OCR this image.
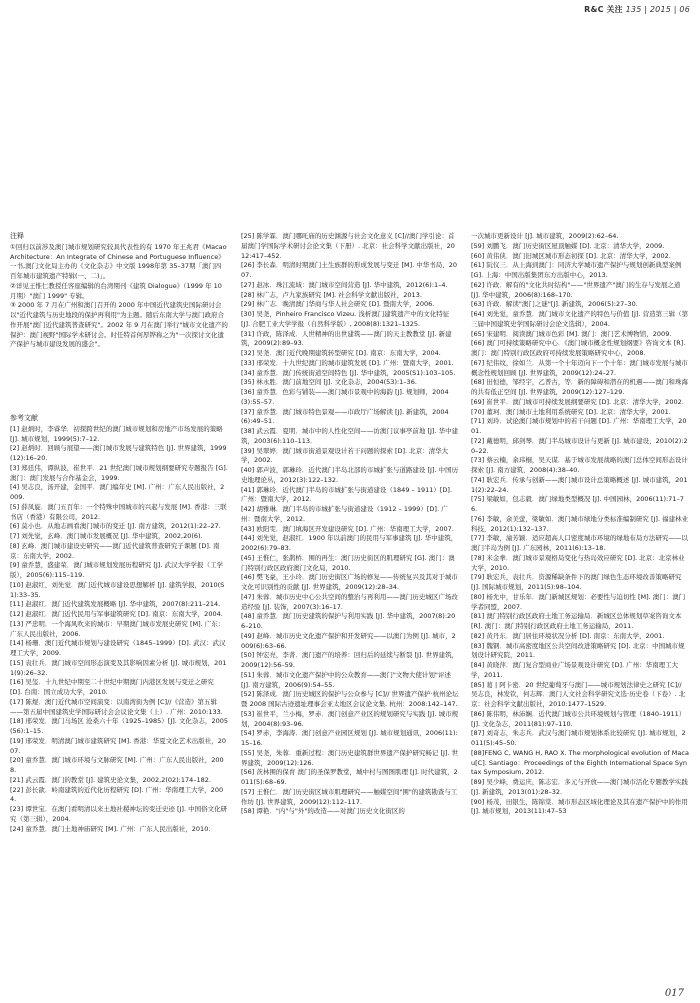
R&C 关注 135 | 2015 | 06
注释

①回归以前涉及澳门城市规划研究较具代表性的有 1970 年王兆君《Macao Architecture：An Integrate of Chinese and Portuguese Influence》一书,澳门文化局主办的《文化杂志》中文版 1998年第 35–37期「澳门四百年城市建筑遗产特辑(一、二)」。

②详见王惟仁教授任客座编辑的台湾期刊《建筑 Dialogue》（1999 年 10 月期）"澳门 1999" 专辑。

③ 2000 年 7 月在广州和澳门召开的 2000 年中国近代建筑史国际研讨会以"近代建筑与历史地段的保护再利用"为主题。随后东南大学与澳门政府合作开展"澳门近代建筑普查研究"。2002 年 9 月在澳门举行"城市文化遗产的保护：澳门视野"国际学术研讨会。时任特首何厚铧称之为"一次探讨文化遗产保护与城市建设发展的盛会"。

参考文献

[1] 赵炳时，李睿华．初探跨世纪的澳门城市规划和房地产市场发展的策略 [J]. 城市规划，1999(5):7–12.

[2] 赵炳时．回顾与展望——澳门城市发展与建筑特色 [J]. 世界建筑，1999(12):16–20.

[3] 郑廷伟，谭纵波，崔世平．21 世纪澳门城市规划纲要研究专题报告 [G]. 澳门：澳门发展与合作基金会，1999.

[4] 吴志良，汤开建，金国平．澳门编年史 [M]. 广州：广东人民出版社，2009.

[5] 薛凤旋．澳门五百年：一个特殊中国城市的兴起与发展 [M]. 香港：三联书店（香港）有限公司，2012.

[6] 莫小也．从地志画看澳门城市的变迁 [J]. 南方建筑，2012(1):22–27.

[7] 刘先觉，玄峰．澳门城市发展概况 [J]. 华中建筑，2002,20(6).

[8] 玄峰．澳门城市建设史研究——澳门近代建筑普查研究子课题 [D]. 南京：东南大学，2002.

[9] 童乔慧，盛建荣．澳门城市规划发展历程研究 [J]. 武汉大学学报（工学版），2005(6):115–119.

[10] 赵淑红，刘先觉．澳门近代城市建设思想解析 [J]. 建筑学报，2010(S1):33–35.

[11] 赵淑红．澳门近代建筑发展概略 [J]. 华中建筑，2007(8):211–214.

[12] 赵淑红．澳门近代民用与军事建筑研究 [D]. 南京：东南大学，2004.

[13] 严忠明．一个海风吹来的城市：早期澳门城市发展史研究 [M]. 广东：广东人民出版社，2006.

[14] 杨珊．澳门近代城市规划与建设研究（1845–1999）[D]. 武汉：武汉理工大学，2009.

[15] 袁壮兵．澳门城市空间形态演变及其影响因素分析 [J]. 城市规划，2011(9):26–32.

[16] 吴玺．十九世纪中期至二十世纪中期澳门内港区发展与变迁之研究 [D]. 台南：国立成功大学，2010.

[17] 陈煜．澳门近代城市空间演变：以南湾街为例 [C]//《营造》第五辑——第五届中国建筑史学国际研讨会会议论文集（上）. 广州：2010:133.

[18] 邢荣发．澳门马场区 沧桑六十年（1925–1985）[J]. 文化杂志，2005(56):1–15.

[19] 邢荣发．明清澳门城市建筑研究 [M]. 香港：华夏文化艺术出版社，2007.

[20] 童乔慧．澳门城市环境与文脉研究 [M]. 广州：广东人民出版社，2008.

[21] 武云霞．澳门的教堂 [J]. 建筑史论文集，2002,2(02):174–182.

[22] 彭长歆．岭南建筑的近代化历程研究 [D]. 广州：华南理工大学，2004.

[23] 谭世宝．在澳门看明清以来土地社稷神坛的变迁史迹 [J]. 中国俗文化研究（第三辑），2004.

[24] 童乔慧．澳门土地神庙研究 [M]. 广州：广东人民出版社，2010.

[25] 陈学霖．澳门哪吒庙的历史渊源与社会文化意义 [C]//澳门学引论：首届澳门学国际学术研讨会论文集（下册）. 北京：社会科学文献出版社，2012:417–452.

[26] 李长森．明清时期澳门土生族群的形成发展与变迁 [M]. 中华书局，2007.

[27] 赵冰．珠江流域：澳门城市空间营造 [J]. 华中建筑，2012(6):1–4.

[28] 林广志，卢九家族研究 [M]. 社会科学文献出版社，2013.

[29] 林广志．晚清澳门华商与华人社会研究 [D]. 暨南大学，2006.

[30] 吴尧，Pinheiro Francisco Vizeu. 浅析澳门建筑遗产中的文化特征 [J]. 合肥工业大学学报（自然科学版）, 2008(8):1321–1325.

[31] 许政，陈泽成．人世精神的出世建筑——澳门的天主教教堂 [J]. 新建筑，2009(2):89–93.

[32] 吴尧．澳门近代晚期建筑转型研究 [D]. 南京：东南大学，2004.

[33] 邢荣发．十九世纪澳门的城市建筑发展 [D]. 广州：暨南大学，2001.

[34] 童乔慧．澳门传统街道空间特色 [J]. 华中建筑，2005(S1):103–105.

[35] 林永胜．澳门前地空间 [J]. 文化杂志，2004(53):1–36.

[36] 童乔慧．色彩与铺装——澳门城市景观中的海韵 [J]. 规划师，2004(3):55–57.

[37] 童乔慧．澳门城市特色景观——市政厅广场解读 [J]. 新建筑，2004(6):49–51.

[38] 武云霞．夏明．城市中的人性化空间——访澳门议事亭前地 [J]. 华中建筑，2003(6):110–113.

[39] 吴翠婷．澳门城市街道景观设计若干问题的探索 [D]. 北京：清华大学，2002.

[40] 郭声波，郭琳玲．近代澳门半岛北部的市城扩张与道路建设 [J]. 中国历史地理论丛，2012(3):122–132.

[41] 郭琳玲．近代澳门半岛的市城扩张与街道建设（1849 – 1911）[D]. 广州：暨南大学，2012.

[42] 胡雅琳．澳门半岛的市城扩张与街道建设（1912 – 1999）[D]. 广州：暨南大学，2012.

[43] 欧阳雯．澳门填海区开发建设研究 [D]. 广州：华南理工大学，2007.

[44] 刘先觉，赵淑红．1900 年以前澳门的民用与军事建筑 [J]. 华中建筑，2002(6):79–83.

[45] 王惟仁，张鹊桥．围的再生：澳门历史街区的肌理研究 [G]. 澳门：澳门特别行政区政府澳门文化局，2010.

[46] 樊飞豪，王小玲．澳门历史街区广场的修复——传统复兴及其对于城市文化可识别性的贡献 [J]. 世界建筑，2009(12):28–34.

[47] 朱蓉．城市历史中心公共空间的整治与再利用——澳门历史城区广场改造经验 [J]. 装饰，2007(3):16–17.

[48] 童乔慧．澳门历史建筑的保护与利用实践 [J]. 华中建筑，2007(8):206–210.

[49] 赵峰．城市历史文化遗产保护和开发研究——以澳门为例 [J]. 城市，2009(6):63–66.

[50] 钟宏亮，李菁．澳门遗产的培养：回归后的延续与断裂 [J]. 世界建筑，2009(12):56–59.

[51] 朱蓉．城市文化遗产保护中的公众教育——澳门"文物大使计划"评述 [J]. 南方建筑，2006(9):54–55.

[52] 陈泽成．澳门历史城区的保护与公众参与 [C]// 世界遗产保护·杭州论坛暨 2008 国际古迹遗址理事会亚太地区会议论文集. 杭州：2008:142–147.

[53] 崔世平，兰小梅，罗赤．澳门创意产业区的规划研究与实践 [J]. 城市规划，2004(8):93–96.

[54] 罗赤，李海涛．澳门创意产业园区规划 [J]. 城市规划通讯，2006(11):15–16.

[55] 吴尧，朱蓉．重新过程：澳门历史建筑群世界遗产保护研究畅记 [J]. 世界建筑，2009(12):126.

[56] 茨林围的保育 澳门的圣保罗教堂，城中村与图图肌理 [J]. 时代建筑，2011(5):68–69.

[57] 王惟仁．澳门历史街区城市肌理研究——触媒空间"围"的建筑勘查与工作坊 [J]. 世界建筑，2009(12):112–117.

[58] 谭艳．"内"与"外"的改造——对澳门历史文化街区的

一次城市更新设计 [J]. 城市建筑，2009(2):62–64.

[59] 刘鹏飞．澳门历史街区屋顶触媒 [D]. 北京：清华大学，2009.

[60] 黄伟侠．澳门旧城区城市形态初探 [D]. 北京：清华大学，2002.

[61] 阮仪三．从上海到澳门：同济大学城市遗产保护与规划创新典型案例 [G]. 上海：中国出版集团东方出版中心，2013.

[62] 许政．解有的"文化共时结构"——"世界遗产"澳门的生存与发展之道 [J]. 华中建筑，2006(8):168–170.

[63] 许政．解读"澳门之谜"[J]. 新建筑，2006(5):27–30.

[64] 刘先觉，童乔慧．澳门城市文化遗产的特色与价值 [J]. 营造第三辑（第三届中国建筑史学国际研讨会论文选辑），2004.

[65] 宋建明．阅读澳门城市色彩 [M]. 澳门：澳门艺术博物馆，2009.

[66] 澳门可持续策略研究中心．《澳门城市概念性规划纲要》咨询文本 [R]. 澳门：澳门特别行政区政府可持续发展策略研究中心，2008.

[67] 纪伟纹，徐如兰．从第一个十年迈向下一个十年：澳门城市发展与城市概念性规划回顾 [J]. 世界建筑，2009(12):24–27.

[68] 田恒德，邹经宇，乙普古，等．新的障碍和潜在的机遇——澳门和珠海的共有低正空间 [J]. 世界建筑，2009(12):127–129.

[69] 崔世平．澳门城市可持续发展纲要研究 [D]. 北京：清华大学，2002.

[70] 董珂．澳门城市土地利用系统研究 [D]. 北京：清华大学，2001.

[71] 刘玲．试论澳门城市规划中的若干问题 [D]. 广州：华南理工大学，2001.

[72] 戴德明，邱剑琴．澳门半岛城市设计与更新 [J]. 城市建设，2010(2):20–22.

[73] 蔡云楠，余玮桐，吴天谋．基于城市发展战略的澳门总体空间形态设计探索 [J]. 南方建筑，2008(4):38–40.

[74] 耿宏兵．传承与创新——澳门城市设计总策略概述 [J]. 城市建筑，2011(2):22–24.

[75] 梁敏如，包志毅．澳门绿地类型概况 [J]. 中国园林，2006(11):71–76.

[76] 李敏，余美萤，梁敏如．澳门城市绿地分类标准编制研究 [J]. 福建林业科技，2012(1):132–137.

[77] 李敏，潼芳颖．适应超高人口密度城市环境的绿地布局方法研究——以澳门半岛为例 [J]. 广东园林，2011(6):13–18.

[78] 米金拳．澳门城市景观格局变化与热岛效应研究 [D]. 北京：北京林业大学，2010.

[79] 耿宏兵，袁壮兵．资源稀缺条件下的澳门绿色生态环境改善策略研究 [J]. 国际城市规划，2011(5):98–104.

[80] 杨允中，甘乐年．澳门新城区规划：必要性与迫切性 [M]. 澳门：澳门学者同盟，2007.

[81] 澳门特别行政区政府土地工务运输局．新城区总体规划草案咨询文本 [R]. 澳门：澳门特别行政区政府土地工务运输局，2011.

[82] 黄丹东．澳门居住环境状况分析 [D]. 南京：东南大学，2001.

[83] 魏钢．城市高密度地区公共空间改进策略研究 [D]. 北京：中国城市规划设计研究院，2011.

[84] 黄晓萍．澳门复合型商业广场景观设计研究 [D]. 广州：华南理工大学，2011.

[85] 葛 | 阿卡密．20 世纪葡萄牙与澳门——城市规划法律史之研究 [C]// 吴志良，林发钦，何志辉．澳门人文社会科学研究文选·历史卷（下卷）. 北京：社会科学文献出版社，2010:1477–1529.

[86] 陈伟明，林沛娴．近代澳门城市公共环境规划与管理（1840–1911）[J]. 文化杂志，2011(81):97–110.

[87] 刘奇志，朱志兵．武汉与澳门城市规划体系比较研究 [J]. 城市规划，2011(5):45–50.

[88]FENG C, WANG H, RAO X. The morphological evolution of Macau[C]. Santiago：Proceedings of the Eighth International Space Syntax Symposium, 2012.

[89] 吴少峰，费运庆，陈志宏．多元与开放——澳门城市活化专题教学实践 [J]. 新建筑，2013(01):28–32.

[90] 杨茂，田银生，陈锦棠．城市形态区域化理论及其在遗产保护中的作用 [J]. 城市规划，2013(11):47–53

017
